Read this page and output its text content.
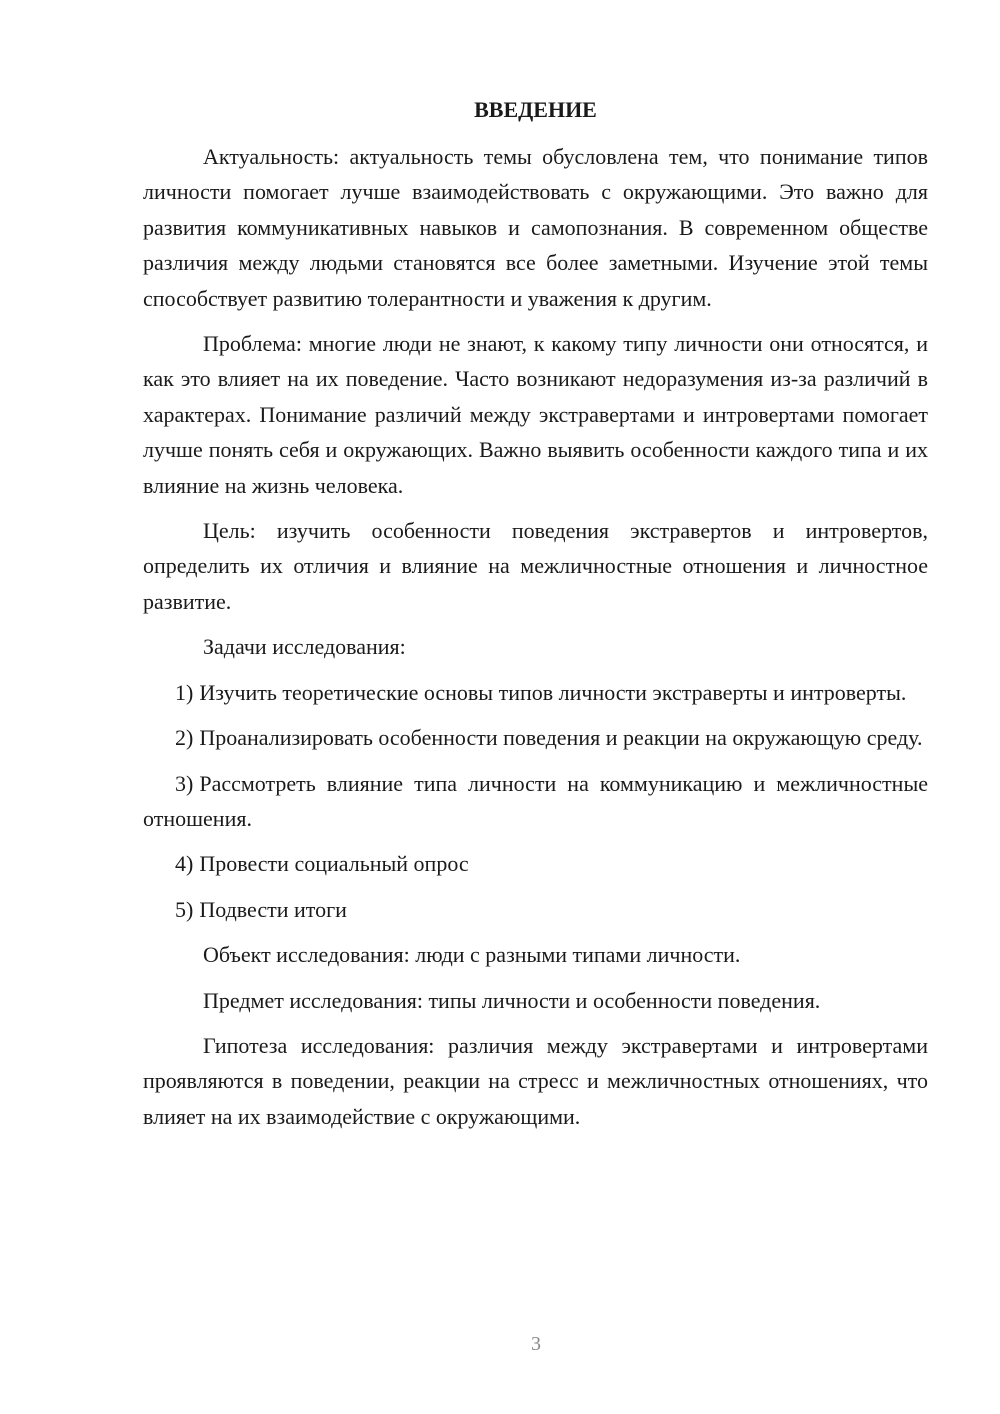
ВВЕДЕНИЕ

Актуальность: актуальность темы обусловлена тем, что понимание типов личности помогает лучше взаимодействовать с окружающими. Это важно для развития коммуникативных навыков и самопознания. В современном обществе различия между людьми становятся все более заметными. Изучение этой темы способствует развитию толерантности и уважения к другим.

Проблема: многие люди не знают, к какому типу личности они относятся, и как это влияет на их поведение. Часто возникают недоразумения из-за различий в характерах. Понимание различий между экстравертами и интровертами помогает лучше понять себя и окружающих. Важно выявить особенности каждого типа и их влияние на жизнь человека.

Цель: изучить особенности поведения экстравертов и интровертов, определить их отличия и влияние на межличностные отношения и личностное развитие.

Задачи исследования:

1) Изучить теоретические основы типов личности экстраверты и интроверты.

2) Проанализировать особенности поведения и реакции на окружающую среду.

3) Рассмотреть влияние типа личности на коммуникацию и межличностные отношения.

4) Провести социальный опрос

5) Подвести итоги

Объект исследования: люди с разными типами личности.

Предмет исследования: типы личности и особенности поведения.

Гипотеза исследования: различия между экстравертами и интровертами проявляются в поведении, реакции на стресс и межличностных отношениях, что влияет на их взаимодействие с окружающими.

3
